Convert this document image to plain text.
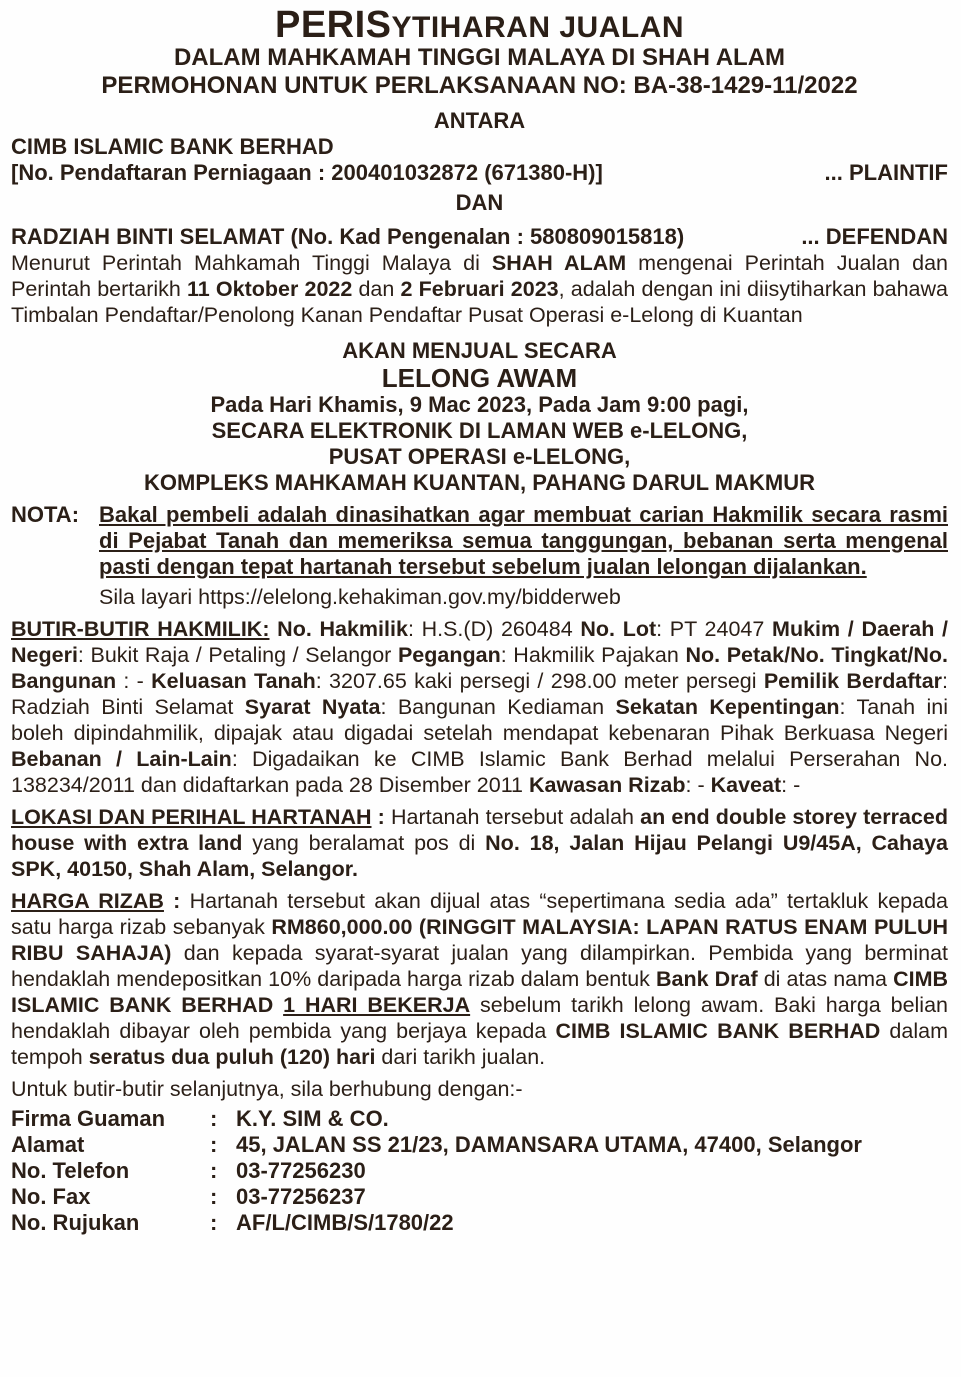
PERISYTIHARAN JUALAN
DALAM MAHKAMAH TINGGI MALAYA DI SHAH ALAM
PERMOHONAN UNTUK PERLAKSANAAN NO: BA-38-1429-11/2022
ANTARA
CIMB ISLAMIC BANK BERHAD
[No. Pendaftaran Perniagaan : 200401032872 (671380-H)]	... PLAINTIF
DAN
RADZIAH BINTI SELAMAT (No. Kad Pengenalan : 580809015818)	... DEFENDAN

Menurut Perintah Mahkamah Tinggi Malaya di SHAH ALAM mengenai Perintah Jualan dan Perintah bertarikh 11 Oktober 2022 dan 2 Februari 2023, adalah dengan ini diisytiharkan bahawa Timbalan Pendaftar/Penolong Kanan Pendaftar Pusat Operasi e-Lelong di Kuantan

AKAN MENJUAL SECARA
LELONG AWAM
Pada Hari Khamis, 9 Mac 2023, Pada Jam 9:00 pagi,
SECARA ELEKTRONIK DI LAMAN WEB e-LELONG,
PUSAT OPERASI e-LELONG,
KOMPLEKS MAHKAMAH KUANTAN, PAHANG DARUL MAKMUR
NOTA: Bakal pembeli adalah dinasihatkan agar membuat carian Hakmilik secara rasmi di Pejabat Tanah dan memeriksa semua tanggungan, bebanan serta mengenal pasti dengan tepat hartanah tersebut sebelum jualan lelongan dijalankan.
Sila layari https://elelong.kehakiman.gov.my/bidderweb

BUTIR-BUTIR HAKMILIK: No. Hakmilik: H.S.(D) 260484 No. Lot: PT 24047 Mukim / Daerah / Negeri: Bukit Raja / Petaling / Selangor Pegangan: Hakmilik Pajakan No. Petak/No. Tingkat/No. Bangunan : - Keluasan Tanah: 3207.65 kaki persegi / 298.00 meter persegi Pemilik Berdaftar: Radziah Binti Selamat Syarat Nyata: Bangunan Kediaman Sekatan Kepentingan: Tanah ini boleh dipindahmilik, dipajak atau digadai setelah mendapat kebenaran Pihak Berkuasa Negeri Bebanan / Lain-Lain: Digadaikan ke CIMB Islamic Bank Berhad melalui Perserahan No. 138234/2011 dan didaftarkan pada 28 Disember 2011 Kawasan Rizab: - Kaveat: -

LOKASI DAN PERIHAL HARTANAH : Hartanah tersebut adalah an end double storey terraced house with extra land yang beralamat pos di No. 18, Jalan Hijau Pelangi U9/45A, Cahaya SPK, 40150, Shah Alam, Selangor.

HARGA RIZAB : Hartanah tersebut akan dijual atas “sepertimana sedia ada” tertakluk kepada satu harga rizab sebanyak RM860,000.00 (RINGGIT MALAYSIA: LAPAN RATUS ENAM PULUH RIBU SAHAJA) dan kepada syarat-syarat jualan yang dilampirkan. Pembida yang berminat hendaklah mendepositkan 10% daripada harga rizab dalam bentuk Bank Draf di atas nama CIMB ISLAMIC BANK BERHAD 1 HARI BEKERJA sebelum tarikh lelong awam. Baki harga belian hendaklah dibayar oleh pembida yang berjaya kepada CIMB ISLAMIC BANK BERHAD dalam tempoh seratus dua puluh (120) hari dari tarikh jualan.

Untuk butir-butir selanjutnya, sila berhubung dengan:-
Firma Guaman	:	K.Y. SIM & CO.
Alamat	:	45, JALAN SS 21/23, DAMANSARA UTAMA, 47400, Selangor
No. Telefon	:	03-77256230
No. Fax	:	03-77256237
No. Rujukan	:	AF/L/CIMB/S/1780/22
